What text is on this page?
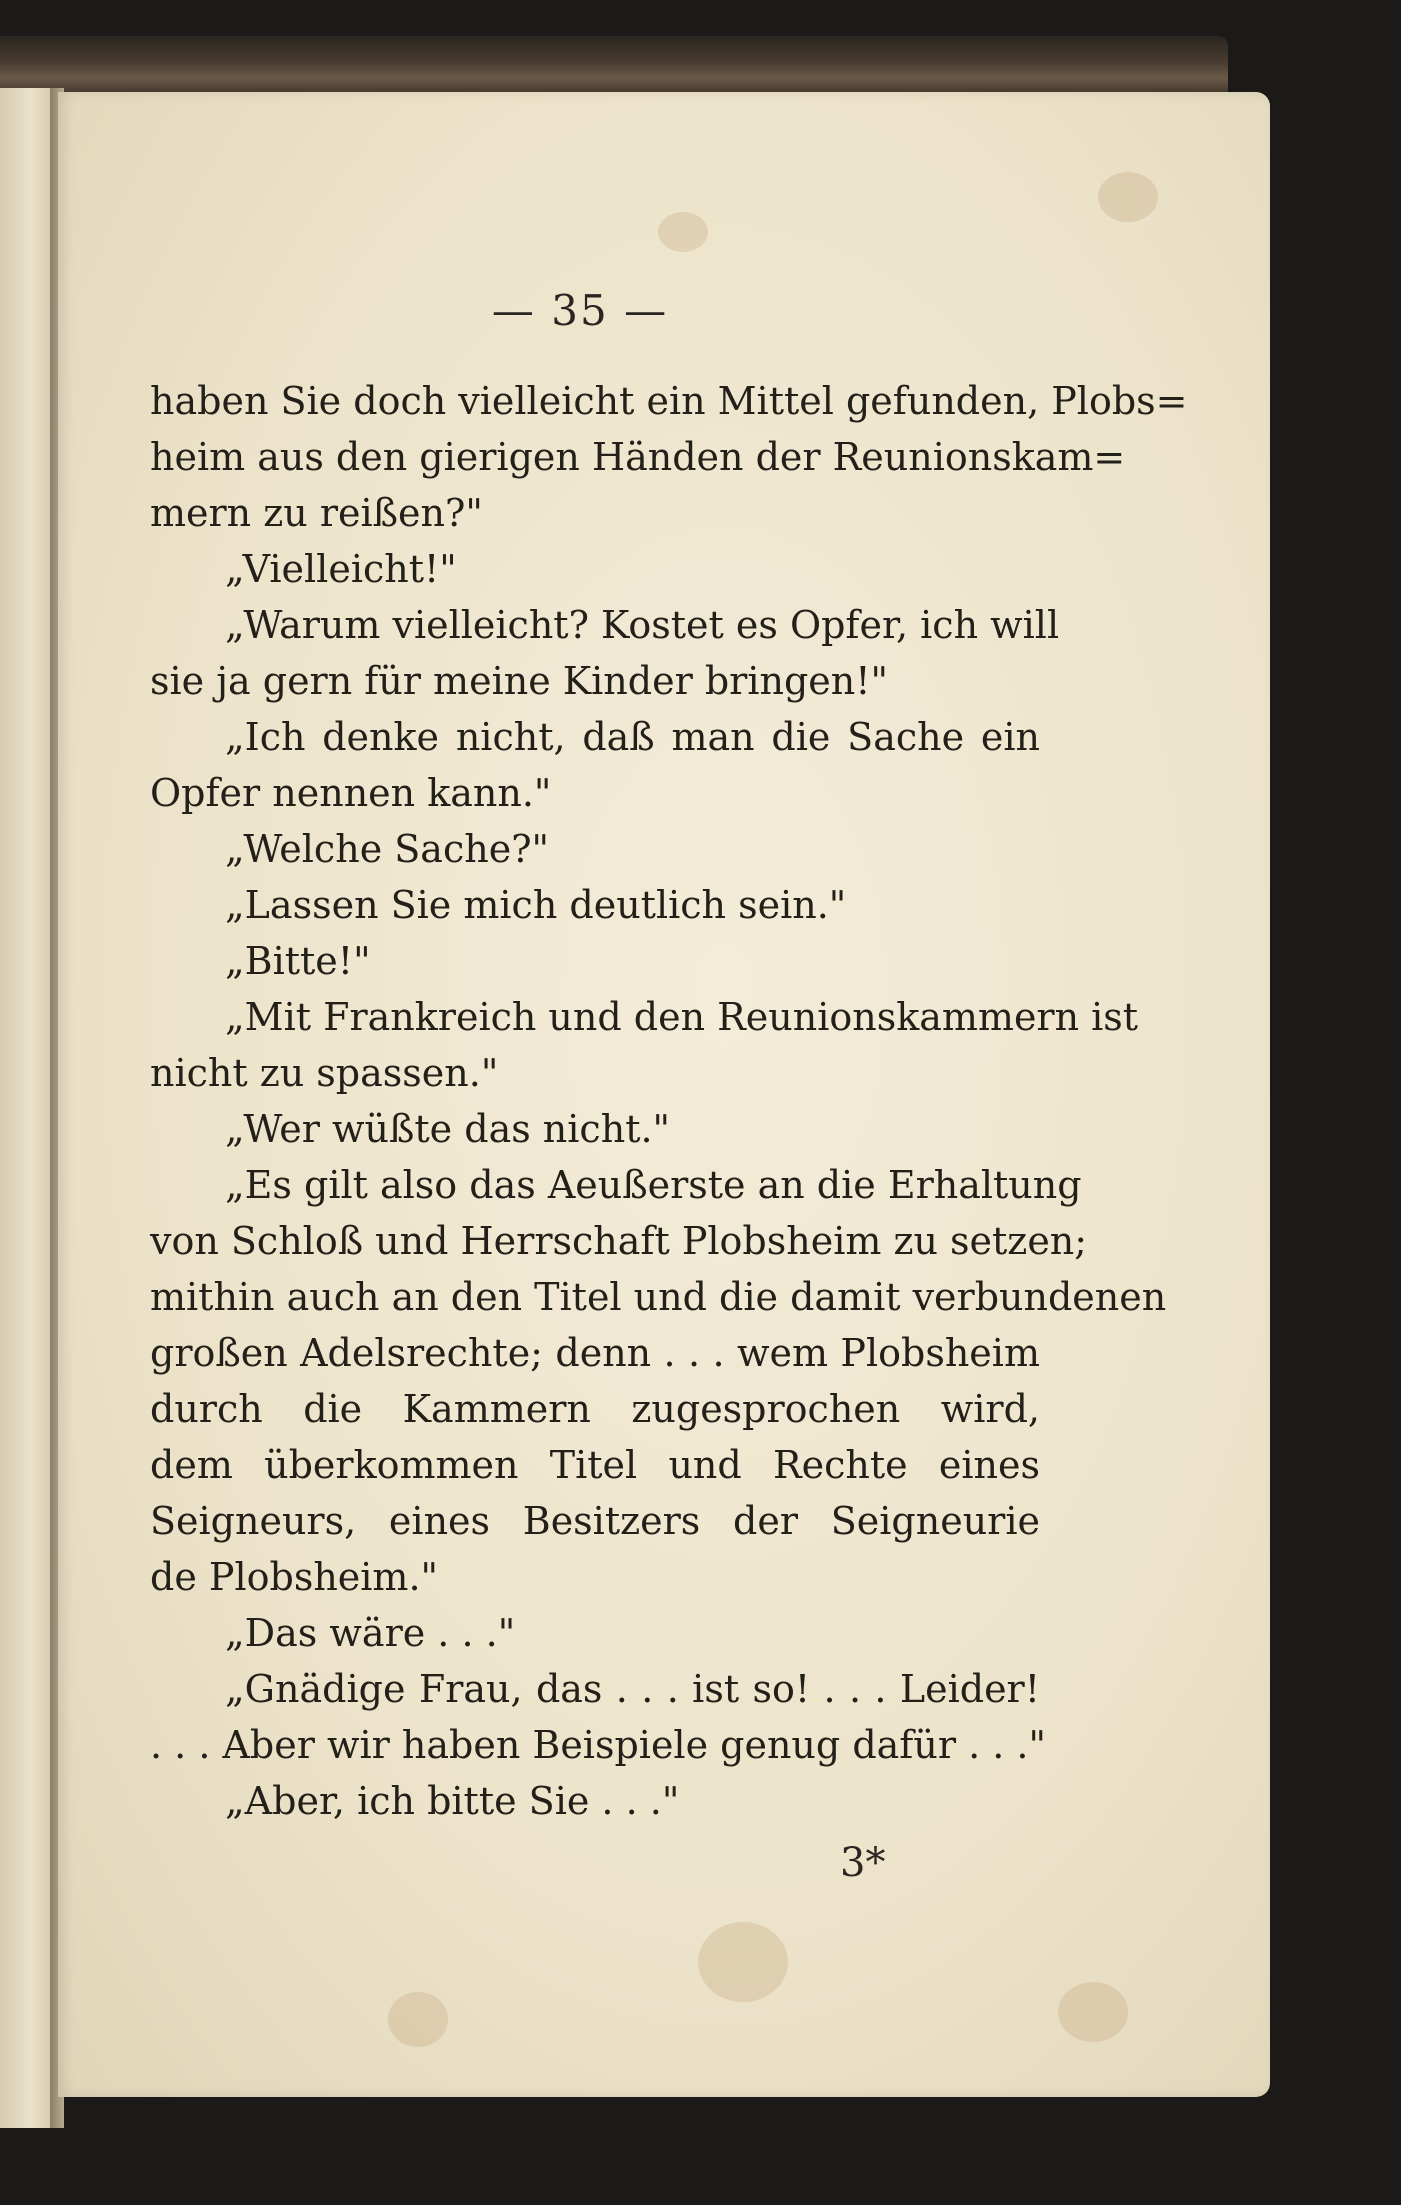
— 35 —
haben Sie doch vielleicht ein Mittel gefunden, Plobs=
heim aus den gierigen Händen der Reunionskam=
mern zu reißen?"
„Vielleicht!"
„Warum vielleicht? Kostet es Opfer, ich will
sie ja gern für meine Kinder bringen!"
„Ich denke nicht, daß man die Sache ein
Opfer nennen kann."
„Welche Sache?"
„Lassen Sie mich deutlich sein."
„Bitte!"
„Mit Frankreich und den Reunionskammern ist
nicht zu spassen."
„Wer wüßte das nicht."
„Es gilt also das Aeußerste an die Erhaltung
von Schloß und Herrschaft Plobsheim zu setzen;
mithin auch an den Titel und die damit verbundenen
großen Adelsrechte; denn . . . wem Plobsheim
durch die Kammern zugesprochen wird,
dem überkommen Titel und Rechte eines
Seigneurs, eines Besitzers der Seigneurie
de Plobsheim."
„Das wäre . . ."
„Gnädige Frau, das . . . ist so! . . . Leider!
. . . Aber wir haben Beispiele genug dafür . . ."
„Aber, ich bitte Sie . . ."
3*
